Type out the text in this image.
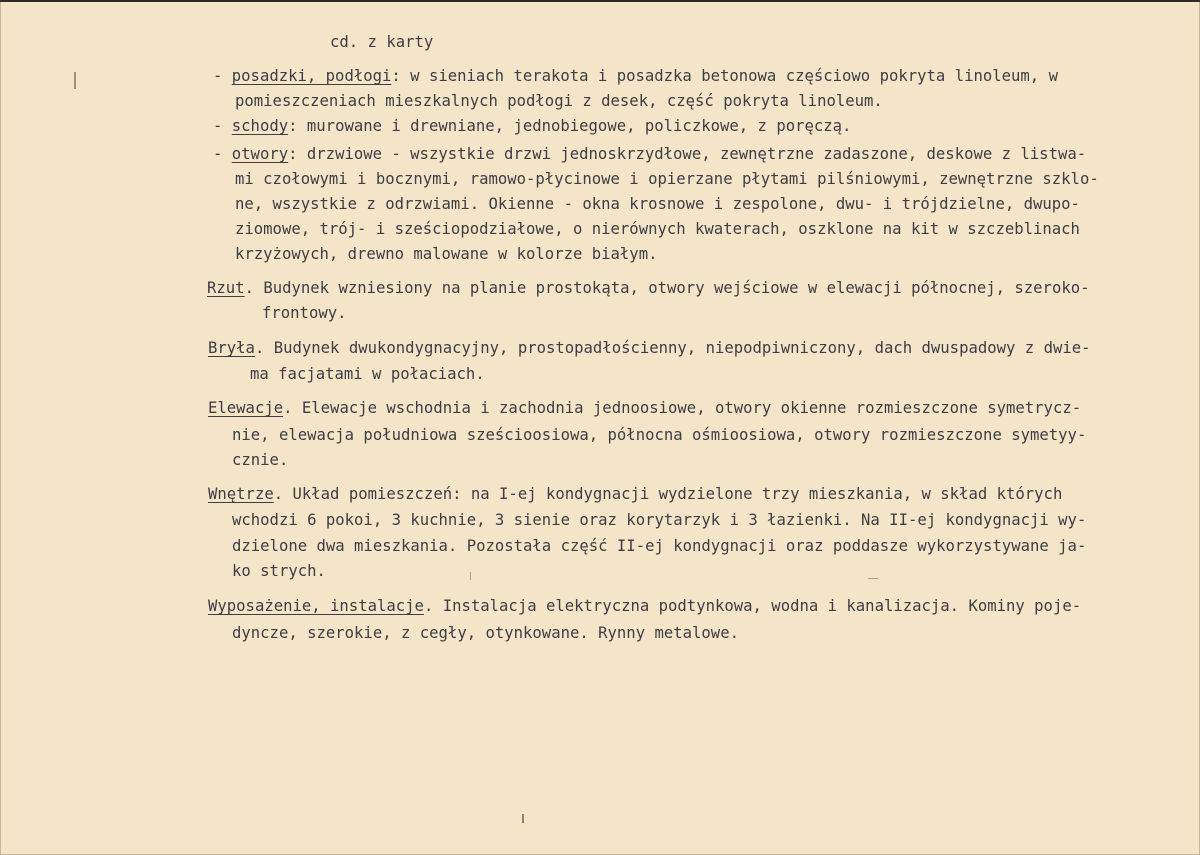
cd. z karty
- posadzki, podłogi: w sieniach terakota i posadzka betonowa częściowo pokryta linoleum, w
pomieszczeniach mieszkalnych podłogi z desek, część pokryta linoleum.
- schody: murowane i drewniane, jednobiegowe, policzkowe, z poręczą.
- otwory: drzwiowe - wszystkie drzwi jednoskrzydłowe, zewnętrzne zadaszone, deskowe z listwa-
mi czołowymi i bocznymi, ramowo-płycinowe i opierzane płytami pilśniowymi, zewnętrzne szklo-
ne, wszystkie z odrzwiami. Okienne - okna krosnowe i zespolone, dwu- i trójdzielne, dwupo-
ziomowe, trój- i sześciopodziałowe, o nierównych kwaterach, oszklone na kit w szczeblinach
krzyżowych, drewno malowane w kolorze białym.
Rzut. Budynek wzniesiony na planie prostokąta, otwory wejściowe w elewacji północnej, szeroko-
frontowy.
Bryła. Budynek dwukondygnacyjny, prostopadłościenny, niepodpiwniczony, dach dwuspadowy z dwie-
ma facjatami w połaciach.
Elewacje. Elewacje wschodnia i zachodnia jednoosiowe, otwory okienne rozmieszczone symetrycz-
nie, elewacja południowa sześcioosiowa, północna ośmioosiowa, otwory rozmieszczone symetyy-
cznie.
Wnętrze. Układ pomieszczeń: na I-ej kondygnacji wydzielone trzy mieszkania, w skład których
wchodzi 6 pokoi, 3 kuchnie, 3 sienie oraz korytarzyk i 3 łazienki. Na II-ej kondygnacji wy-
dzielone dwa mieszkania. Pozostała część II-ej kondygnacji oraz poddasze wykorzystywane ja-
ko strych.
Wyposażenie, instalacje. Instalacja elektryczna podtynkowa, wodna i kanalizacja. Kominy poje-
dyncze, szerokie, z cegły, otynkowane. Rynny metalowe.
